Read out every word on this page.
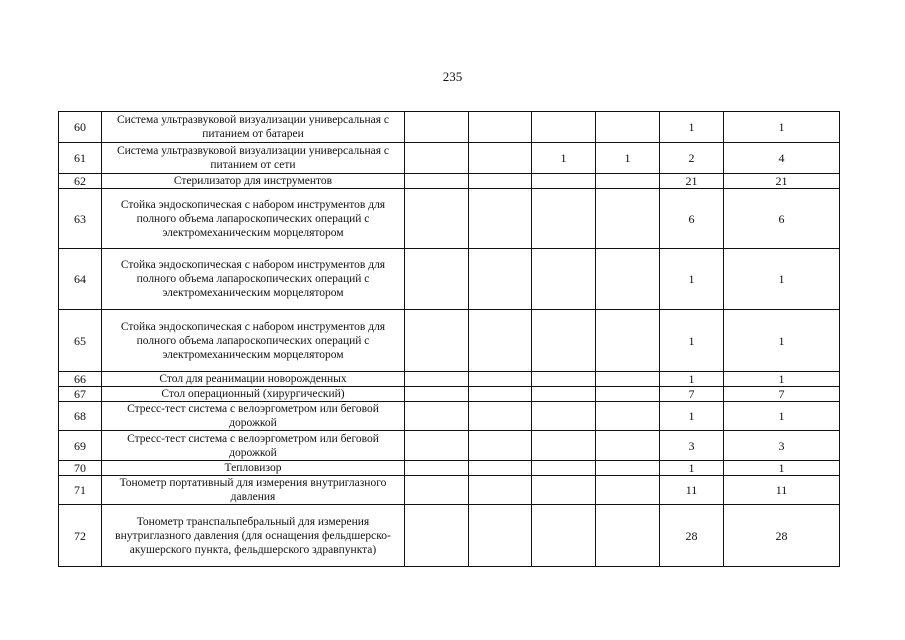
235
60	Система ультразвуковой визуализации универсальная с питанием от батареи					1	1
61	Система ультразвуковой визуализации универсальная с питанием от сети			1	1	2	4
62	Стерилизатор для инструментов					21	21
63	Стойка эндоскопическая с набором инструментов для полного объема лапароскопических операций с электромеханическим морцелятором					6	6
64	Стойка эндоскопическая с набором инструментов для полного объема лапароскопических операций с электромеханическим морцелятором					1	1
65	Стойка эндоскопическая с набором инструментов для полного объема лапароскопических операций с электромеханическим морцелятором					1	1
66	Стол для реанимации новорожденных					1	1
67	Стол операционный (хирургический)					7	7
68	Стресс-тест система с велоэргометром или беговой дорожкой					1	1
69	Стресс-тест система с велоэргометром или беговой дорожкой					3	3
70	Тепловизор					1	1
71	Тонометр портативный для измерения внутриглазного давления					11	11
72	Тонометр транспальпебральный для измерения внутриглазного давления (для оснащения фельдшерско-акушерского пункта, фельдшерского здравпункта)					28	28
